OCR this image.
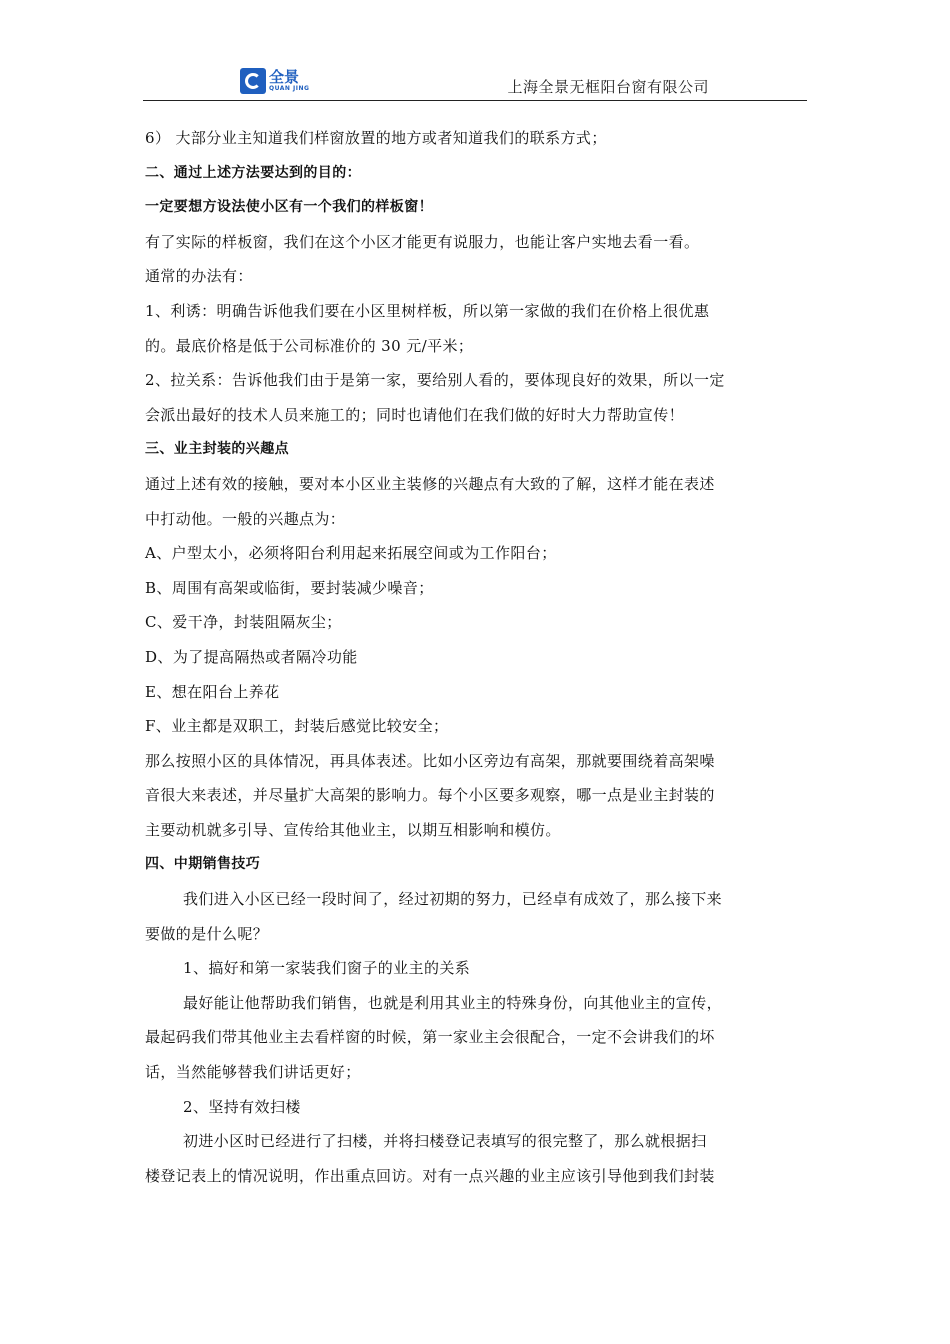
全景
QUAN JING	上海全景无框阳台窗有限公司
6） 大部分业主知道我们样窗放置的地方或者知道我们的联系方式；
二、通过上述方法要达到的目的：
一定要想方设法使小区有一个我们的样板窗！
有了实际的样板窗，我们在这个小区才能更有说服力，也能让客户实地去看一看。
通常的办法有：
1、利诱：明确告诉他我们要在小区里树样板，所以第一家做的我们在价格上很优惠
的。最底价格是低于公司标准价的 30 元/平米；
2、拉关系：告诉他我们由于是第一家，要给别人看的，要体现良好的效果，所以一定
会派出最好的技术人员来施工的；同时也请他们在我们做的好时大力帮助宣传！
三、业主封装的兴趣点
通过上述有效的接触，要对本小区业主装修的兴趣点有大致的了解，这样才能在表述
中打动他。一般的兴趣点为：
A、户型太小，必须将阳台利用起来拓展空间或为工作阳台；
B、周围有高架或临街，要封装减少噪音；
C、爱干净，封装阻隔灰尘；
D、为了提高隔热或者隔冷功能
E、想在阳台上养花
F、业主都是双职工，封装后感觉比较安全；
那么按照小区的具体情况，再具体表述。比如小区旁边有高架，那就要围绕着高架噪
音很大来表述，并尽量扩大高架的影响力。每个小区要多观察，哪一点是业主封装的
主要动机就多引导、宣传给其他业主，以期互相影响和模仿。
四、中期销售技巧
我们进入小区已经一段时间了，经过初期的努力，已经卓有成效了，那么接下来
要做的是什么呢？
1、搞好和第一家装我们窗子的业主的关系
最好能让他帮助我们销售，也就是利用其业主的特殊身份，向其他业主的宣传，
最起码我们带其他业主去看样窗的时候，第一家业主会很配合，一定不会讲我们的坏
话，当然能够替我们讲话更好；
2、坚持有效扫楼
初进小区时已经进行了扫楼，并将扫楼登记表填写的很完整了，那么就根据扫
楼登记表上的情况说明，作出重点回访。对有一点兴趣的业主应该引导他到我们封装
